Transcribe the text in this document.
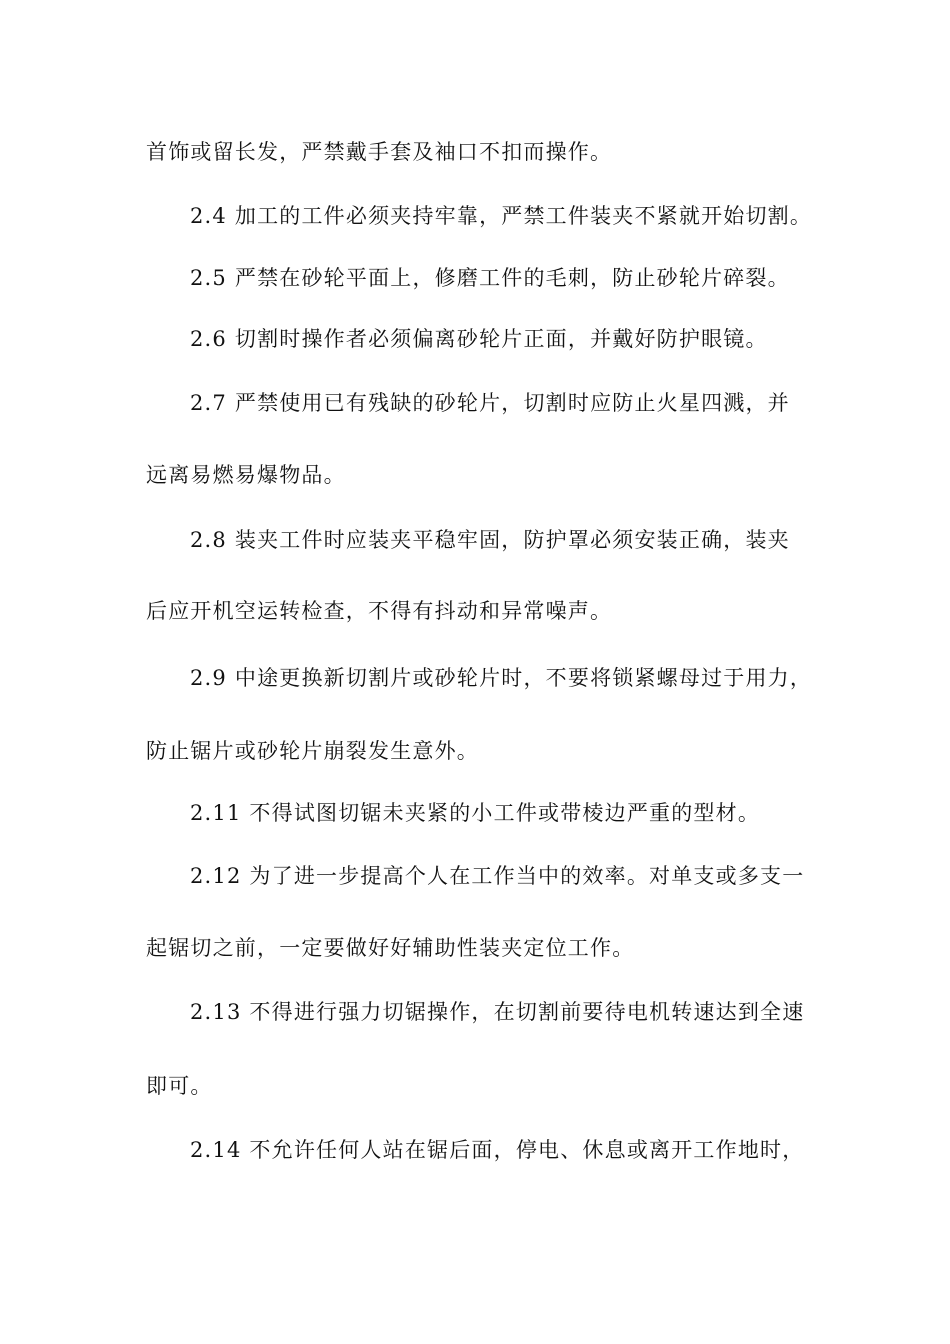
首饰或留长发，严禁戴手套及袖口不扣而操作。
2.4 加工的工件必须夹持牢靠，严禁工件装夹不紧就开始切割。
2.5 严禁在砂轮平面上，修磨工件的毛刺，防止砂轮片碎裂。
2.6 切割时操作者必须偏离砂轮片正面，并戴好防护眼镜。
2.7 严禁使用已有残缺的砂轮片，切割时应防止火星四溅，并
远离易燃易爆物品。
2.8 装夹工件时应装夹平稳牢固，防护罩必须安装正确，装夹
后应开机空运转检查，不得有抖动和异常噪声。
2.9 中途更换新切割片或砂轮片时，不要将锁紧螺母过于用力，
防止锯片或砂轮片崩裂发生意外。
2.11 不得试图切锯未夹紧的小工件或带棱边严重的型材。
2.12 为了进一步提高个人在工作当中的效率。对单支或多支一
起锯切之前，一定要做好好辅助性装夹定位工作。
2.13 不得进行强力切锯操作，在切割前要待电机转速达到全速
即可。
2.14 不允许任何人站在锯后面，停电、休息或离开工作地时，
